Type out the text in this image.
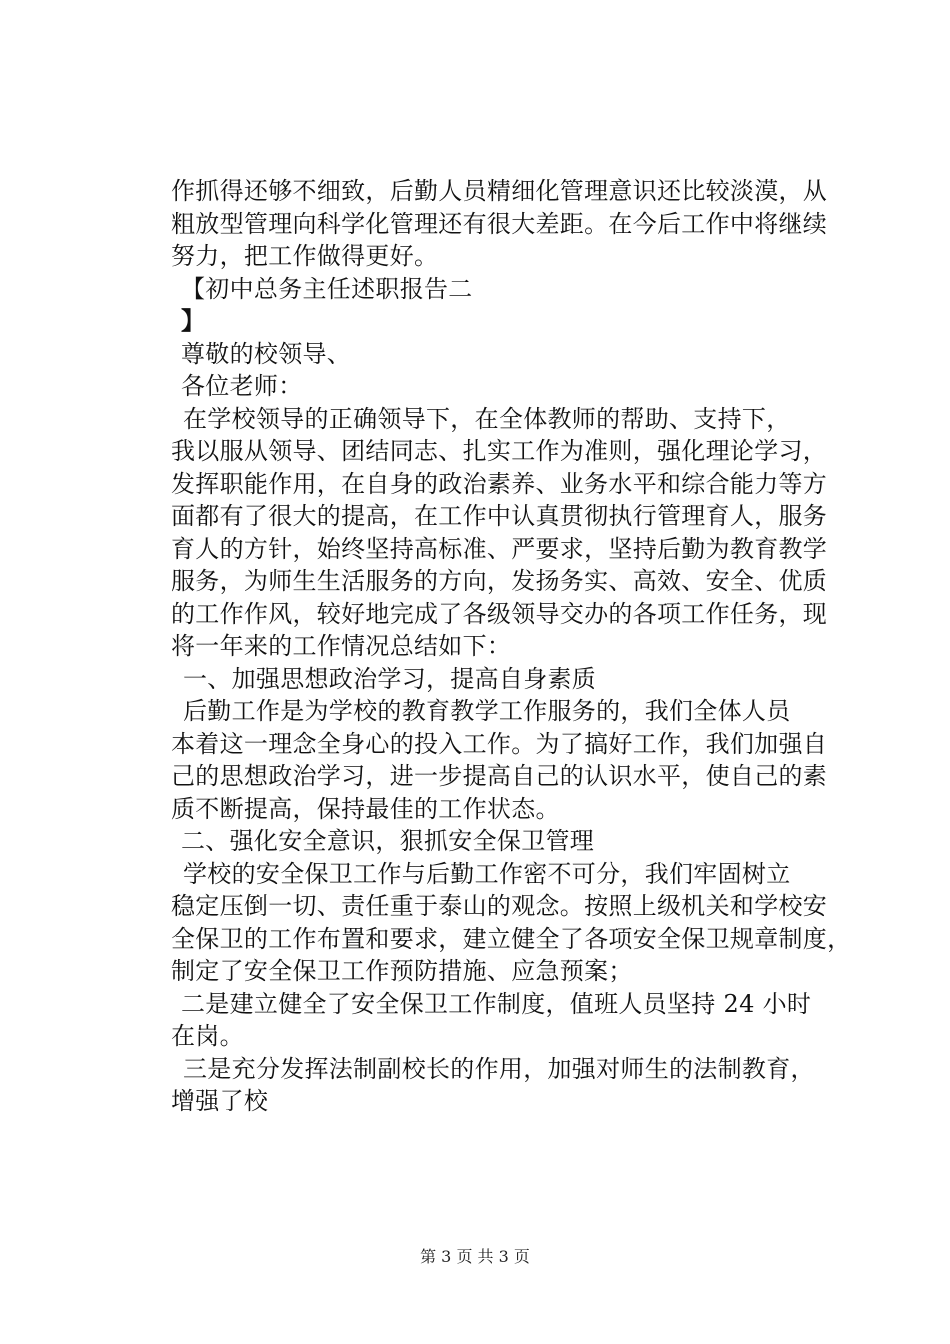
作抓得还够不细致，后勤人员精细化管理意识还比较淡漠，从
粗放型管理向科学化管理还有很大差距。在今后工作中将继续
努力，把工作做得更好。
【初中总务主任述职报告二
】
尊敬的校领导、
各位老师：
在学校领导的正确领导下，在全体教师的帮助、支持下，
我以服从领导、团结同志、扎实工作为准则，强化理论学习，
发挥职能作用，在自身的政治素养、业务水平和综合能力等方
面都有了很大的提高，在工作中认真贯彻执行管理育人，服务
育人的方针，始终坚持高标准、严要求，坚持后勤为教育教学
服务，为师生生活服务的方向，发扬务实、高效、安全、优质
的工作作风，较好地完成了各级领导交办的各项工作任务，现
将一年来的工作情况总结如下：
一、加强思想政治学习，提高自身素质
后勤工作是为学校的教育教学工作服务的，我们全体人员
本着这一理念全身心的投入工作。为了搞好工作，我们加强自
己的思想政治学习，进一步提高自己的认识水平，使自己的素
质不断提高，保持最佳的工作状态。
二、强化安全意识，狠抓安全保卫管理
学校的安全保卫工作与后勤工作密不可分，我们牢固树立
稳定压倒一切、责任重于泰山的观念。按照上级机关和学校安
全保卫的工作布置和要求，建立健全了各项安全保卫规章制度，
制定了安全保卫工作预防措施、应急预案；
二是建立健全了安全保卫工作制度，值班人员坚持 24 小时
在岗。
三是充分发挥法制副校长的作用，加强对师生的法制教育，
增强了校
第 3 页 共 3 页
